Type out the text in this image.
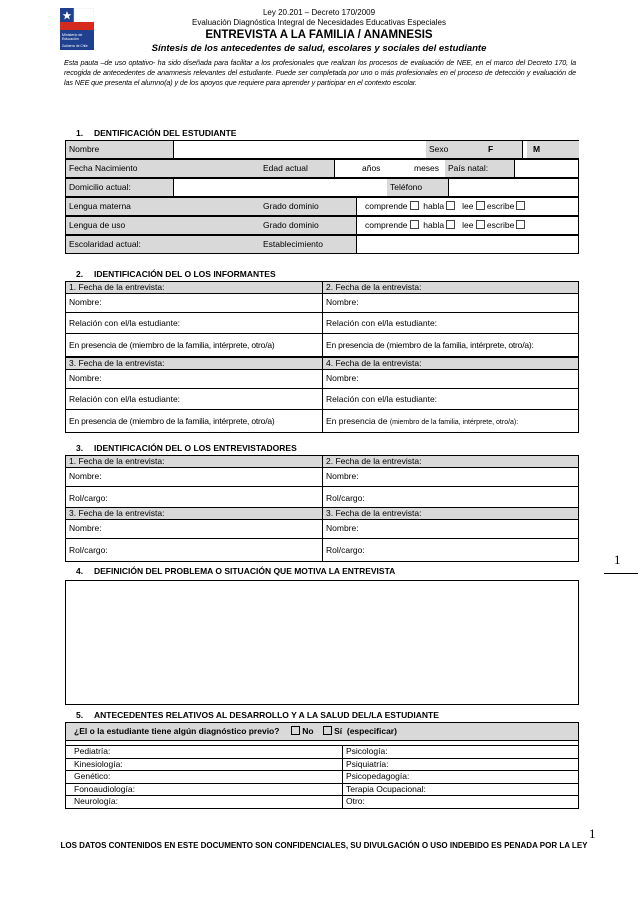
Ministerio de
Educación
Gobierno de Chile
Ley 20.201 – Decreto 170/2009
Evaluación Diagnóstica Integral de Necesidades Educativas Especiales
ENTREVISTA A LA FAMILIA / ANAMNESIS
Síntesis de los antecedentes de salud, escolares y sociales del estudiante
Esta pauta –de uso optativo- ha sido diseñada para facilitar a los profesionales que realizan los procesos de evaluación de NEE, en el marco del Decreto 170, la recogida de antecedentes de anamnesis relevantes del estudiante. Puede ser completada por uno o más profesionales en el proceso de detección y evaluación de las NEE que presenta el alumno(a) y de los apoyos que requiere para aprender y participar en el contexto escolar.
1. DENTIFICACIÓN DEL ESTUDIANTE
Nombre	Sexo	F	M
Fecha Nacimiento	Edad actual	años	meses	País natal:
Domicilio actual:	Teléfono
Lengua materna	Grado dominio	comprende habla lee escribe
Lengua de uso	Grado dominio	comprende habla lee escribe
Escolaridad actual:	Establecimiento
2. IDENTIFICACIÓN DEL O LOS INFORMANTES
1. Fecha de la entrevista:	2. Fecha de la entrevista:
Nombre:	Nombre:
Relación con el/la estudiante:	Relación con el/la estudiante:
En presencia de (miembro de la familia, intérprete, otro/a)	En presencia de (miembro de la familia, intérprete, otro/a):
3. Fecha de la entrevista:	4. Fecha de la entrevista:
Nombre:	Nombre:
Relación con el/la estudiante:	Relación con el/la estudiante:
En presencia de (miembro de la familia, intérprete, otro/a)	En presencia de (miembro de la familia, intérprete, otro/a):
3. IDENTIFICACIÓN DEL O LOS ENTREVISTADORES
1. Fecha de la entrevista:	2. Fecha de la entrevista:
Nombre:	Nombre:
Rol/cargo:	Rol/cargo:
3. Fecha de la entrevista:	3. Fecha de la entrevista:
Nombre:	Nombre:
Rol/cargo:	Rol/cargo:
1
4. DEFINICIÓN DEL PROBLEMA O SITUACIÓN QUE MOTIVA LA ENTREVISTA
5. ANTECEDENTES RELATIVOS AL DESARROLLO Y A LA SALUD DEL/LA ESTUDIANTE
¿El o la estudiante tiene algún diagnóstico previo?	No Sí (especificar)
Pediatría:	Psicología:
Kinesiología:	Psiquiatría:
Genético:	Psicopedagogía:
Fonoaudiología:	Terapia Ocupacional:
Neurología:	Otro:
1
LOS DATOS CONTENIDOS EN ESTE DOCUMENTO SON CONFIDENCIALES, SU DIVULGACIÓN O USO INDEBIDO ES PENADA POR LA LEY
